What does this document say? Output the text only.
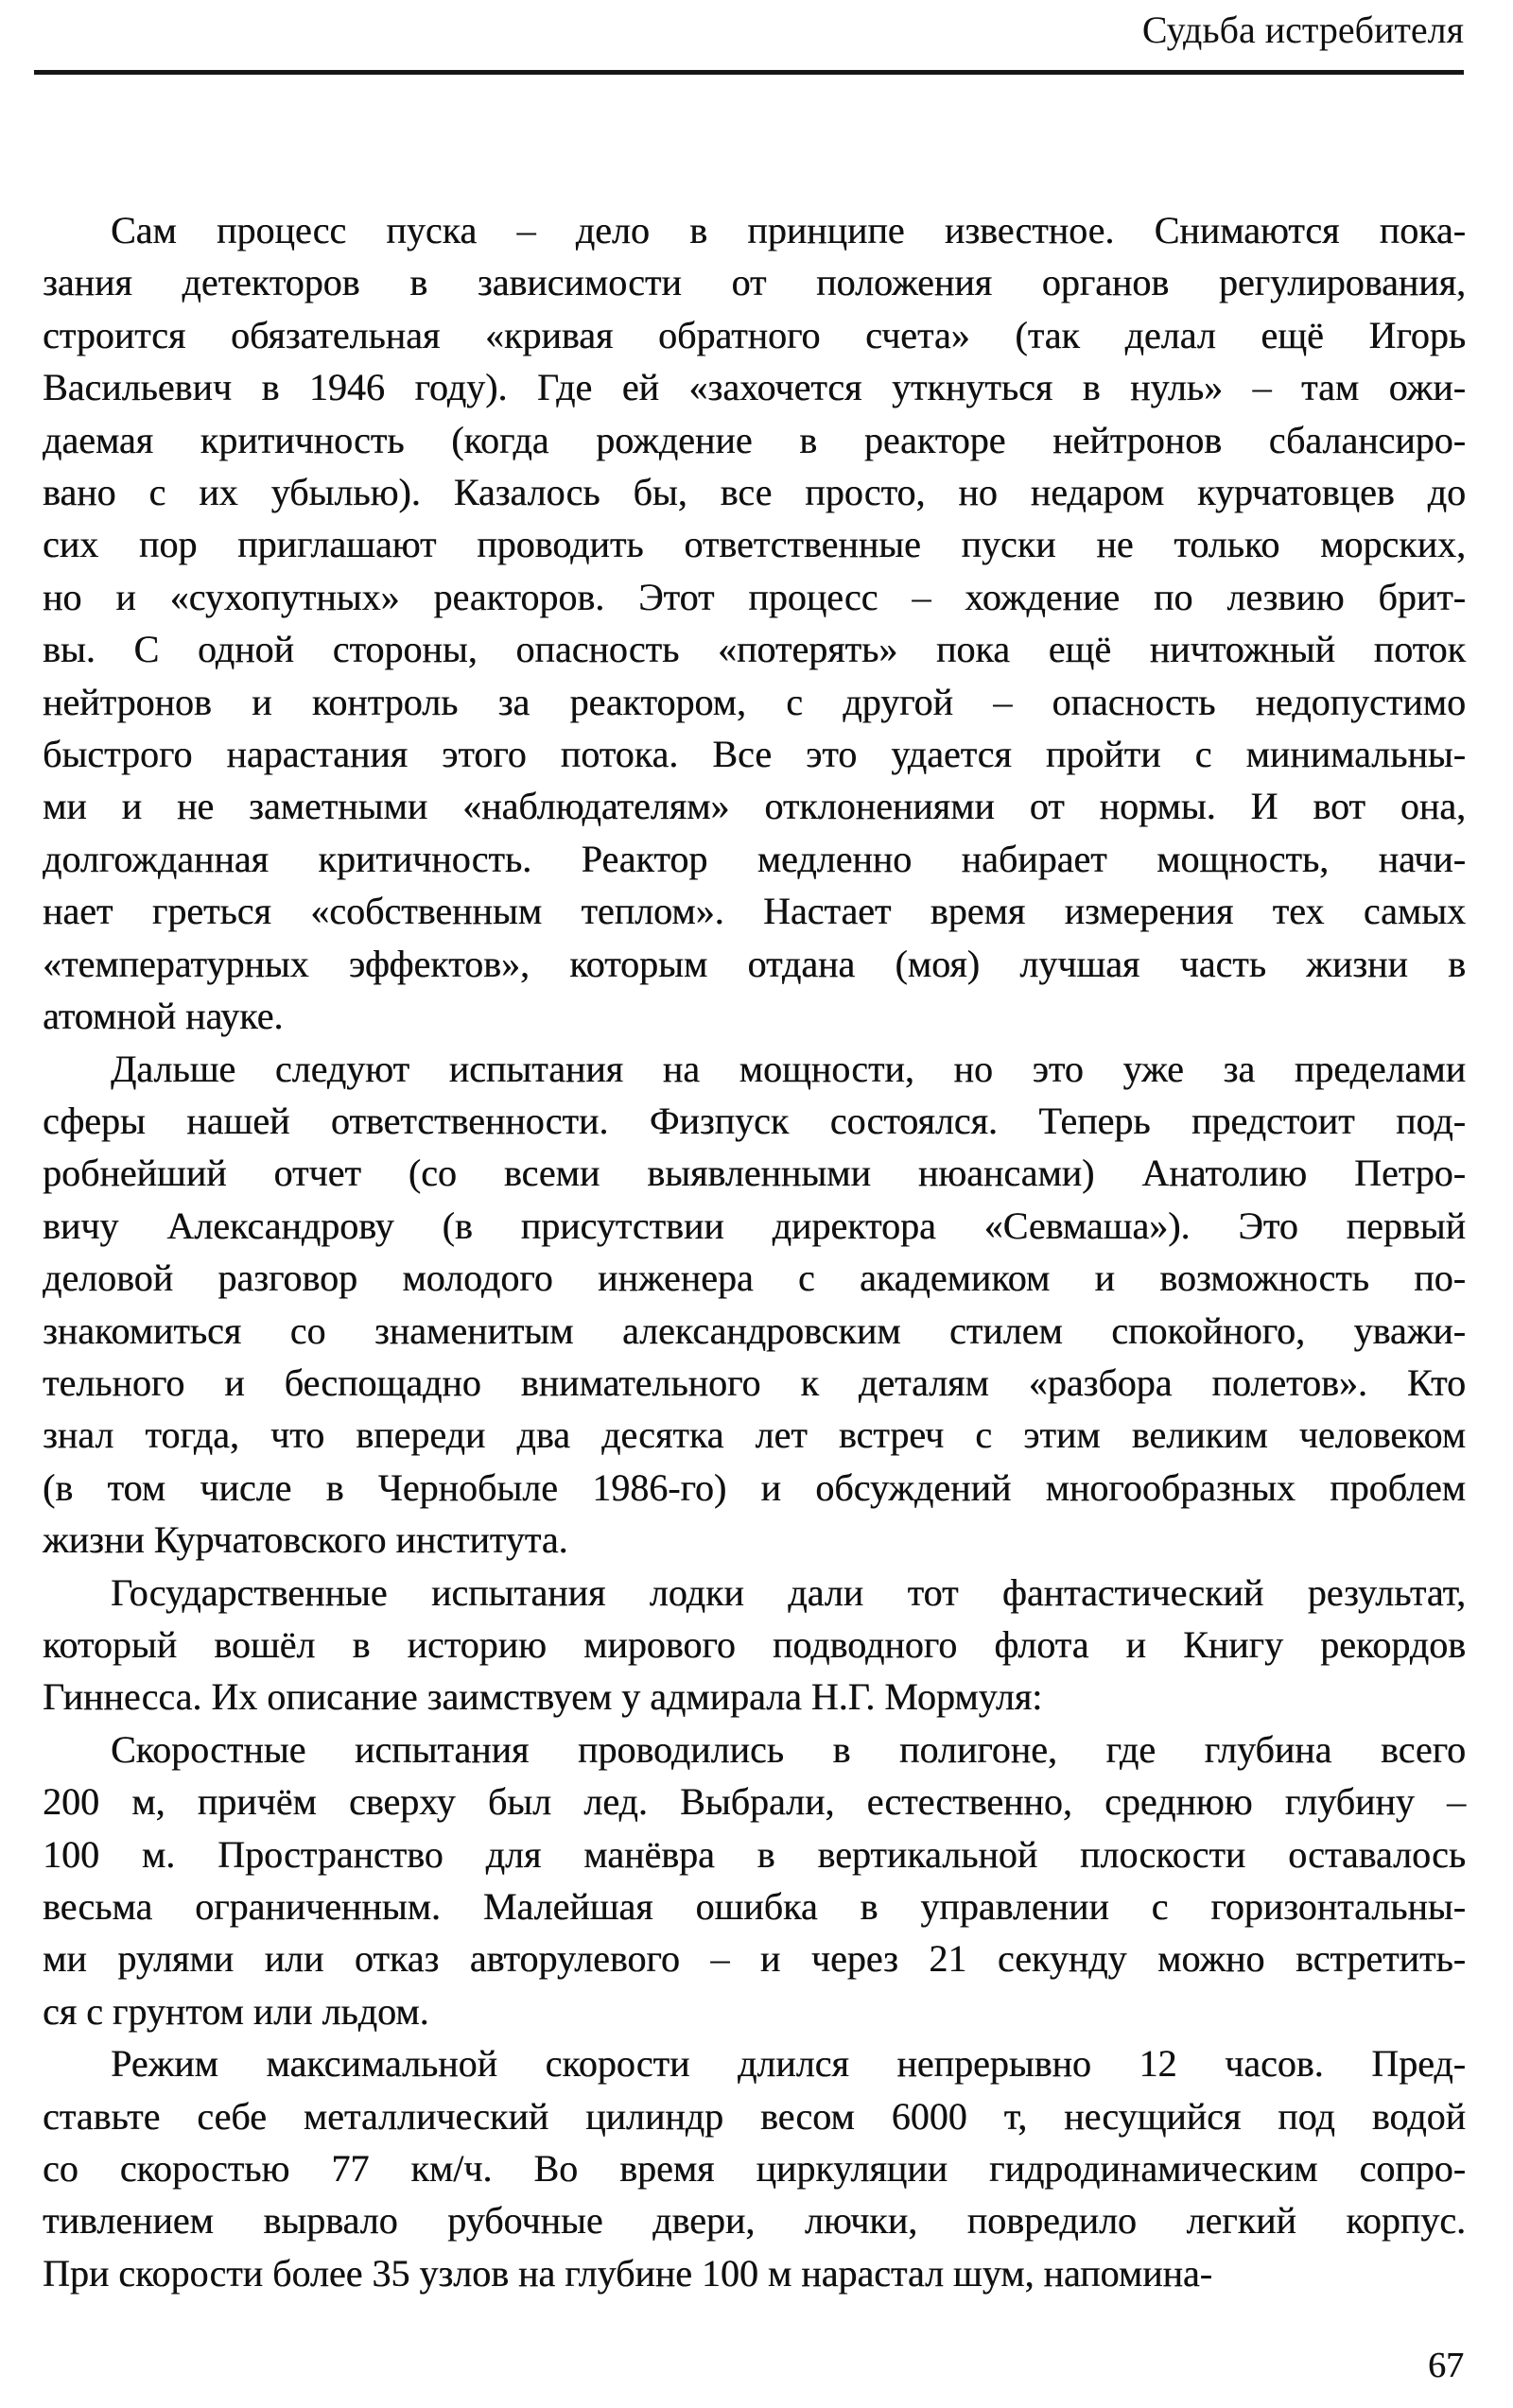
Судьба истребителя
Сам процесс пуска – дело в принципе известное. Снимаются пока-
зания детекторов в зависимости от положения органов регулирования,
строится обязательная «кривая обратного счета» (так делал ещё Игорь
Васильевич в 1946 году). Где ей «захочется уткнуться в нуль» – там ожи-
даемая критичность (когда рождение в реакторе нейтронов сбалансиро-
вано с их убылью). Казалось бы, все просто, но недаром курчатовцев до
сих пор приглашают проводить ответственные пуски не только морских,
но и «сухопутных» реакторов. Этот процесс – хождение по лезвию брит-
вы. С одной стороны, опасность «потерять» пока ещё ничтожный поток
нейтронов и контроль за реактором, с другой – опасность недопустимо
быстрого нарастания этого потока. Все это удается пройти с минимальны-
ми и не заметными «наблюдателям» отклонениями от нормы. И вот она,
долгожданная критичность. Реактор медленно набирает мощность, начи-
нает греться «собственным теплом». Настает время измерения тех самых
«температурных эффектов», которым отдана (моя) лучшая часть жизни в
атомной науке.
Дальше следуют испытания на мощности, но это уже за пределами
сферы нашей ответственности. Физпуск состоялся. Теперь предстоит под-
робнейший отчет (со всеми выявленными нюансами) Анатолию Петро-
вичу Александрову (в присутствии директора «Севмаша»). Это первый
деловой разговор молодого инженера с академиком и возможность по-
знакомиться со знаменитым александровским стилем спокойного, уважи-
тельного и беспощадно внимательного к деталям «разбора полетов». Кто
знал тогда, что впереди два десятка лет встреч с этим великим человеком
(в том числе в Чернобыле 1986-го) и обсуждений многообразных проблем
жизни Курчатовского института.
Государственные испытания лодки дали тот фантастический результат,
который вошёл в историю мирового подводного флота и Книгу рекордов
Гиннесса. Их описание заимствуем у адмирала Н.Г. Мормуля:
Скоростные испытания проводились в полигоне, где глубина всего
200 м, причём сверху был лед. Выбрали, естественно, среднюю глубину –
100 м. Пространство для манёвра в вертикальной плоскости оставалось
весьма ограниченным. Малейшая ошибка в управлении с горизонтальны-
ми рулями или отказ авторулевого – и через 21 секунду можно встретить-
ся с грунтом или льдом.
Режим максимальной скорости длился непрерывно 12 часов. Пред-
ставьте себе металлический цилиндр весом 6000 т, несущийся под водой
со скоростью 77 км/ч. Во время циркуляции гидродинамическим сопро-
тивлением вырвало рубочные двери, лючки, повредило легкий корпус.
При скорости более 35 узлов на глубине 100 м нарастал шум, напомина-
67
